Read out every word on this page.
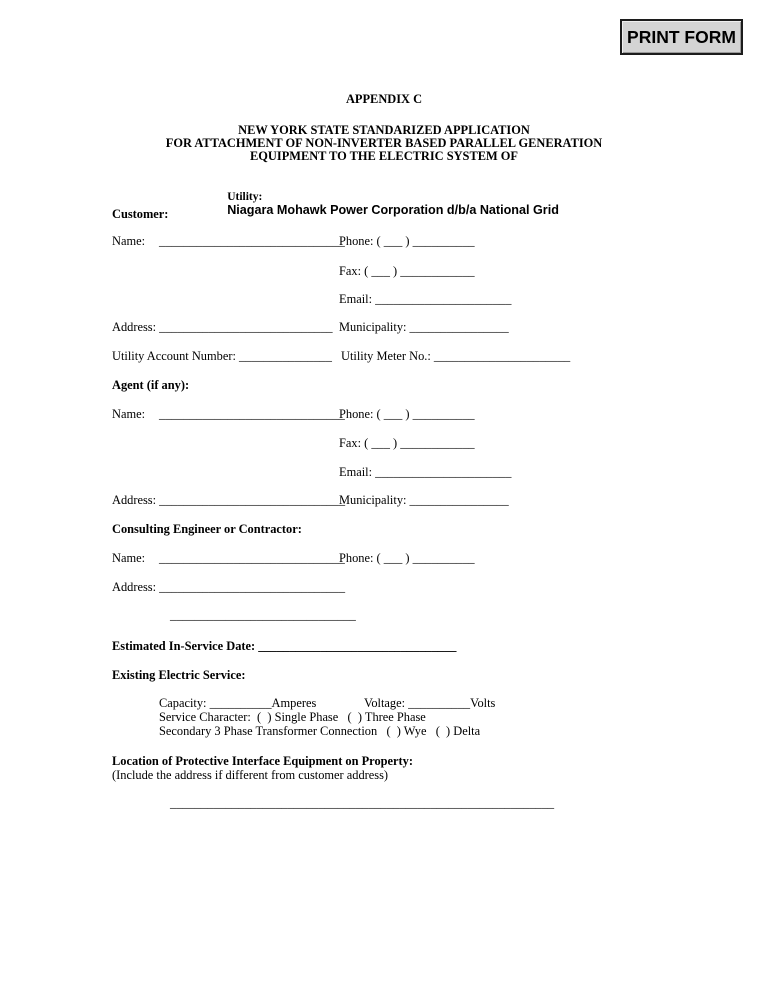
PRINT FORM
APPENDIX C
NEW YORK STATE STANDARIZED APPLICATION
FOR ATTACHMENT OF NON-INVERTER BASED PARALLEL GENERATION
EQUIPMENT TO THE ELECTRIC SYSTEM OF

Utility:
Niagara Mohawk Power Corporation d/b/a National Grid

Customer:
Name: ______________________________
Phone: ( ___ ) __________
Fax: ( ___ ) ____________
Email: ______________________
Address: ____________________________ Municipality: ________________
Utility Account Number: _______________ Utility Meter No.: ______________________
Agent (if any):
Name: ______________________________
Phone: ( ___ ) __________
Fax: ( ___ ) ____________
Email: ______________________
Address: ______________________________
Municipality: ________________
Consulting Engineer or Contractor:
Name: ______________________________
Phone: ( ___ ) __________
Address: ______________________________
______________________________
Estimated In-Service Date: ________________________________
Existing Electric Service:
Capacity: __________Amperes	Voltage: __________Volts
Service Character:  (  ) Single Phase   (  ) Three Phase
Secondary 3 Phase Transformer Connection   (  ) Wye   (  ) Delta
Location of Protective Interface Equipment on Property:
(Include the address if different from customer address)
______________________________________________________________
